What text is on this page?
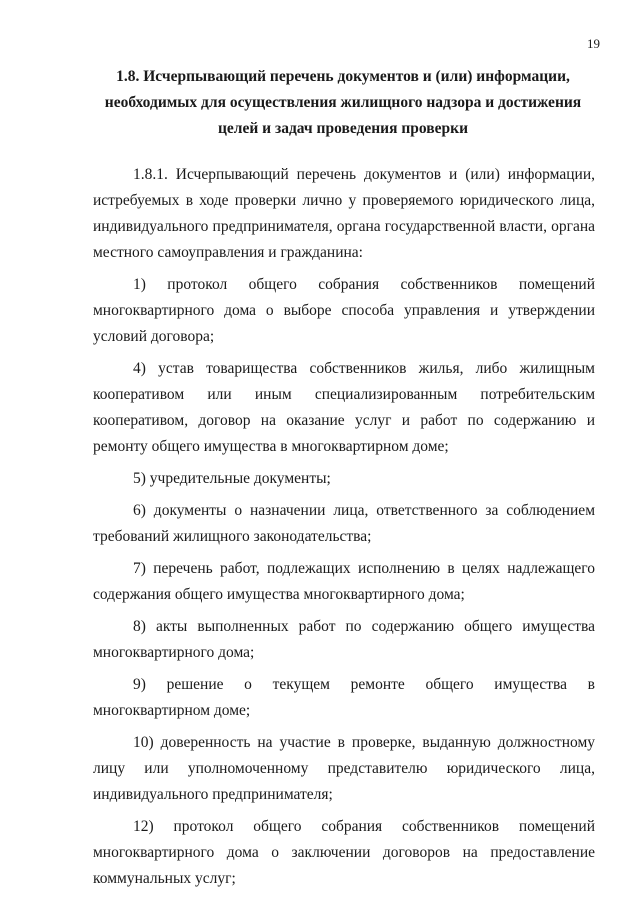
19
1.8. Исчерпывающий перечень документов и (или) информации,
необходимых для осуществления жилищного надзора и достижения
целей и задач проведения проверки

1.8.1. Исчерпывающий перечень документов и (или) информации, истребуемых в ходе проверки лично у проверяемого юридического лица, индивидуального предпринимателя, органа государственной власти, органа местного самоуправления и гражданина:

1) протокол общего собрания собственников помещений многоквартирного дома о выборе способа управления и утверждении условий договора;

4) устав товарищества собственников жилья, либо жилищным кооперативом или иным специализированным потребительским кооперативом, договор на оказание услуг и работ по содержанию и ремонту общего имущества в многоквартирном доме;

5) учредительные документы;

6) документы о назначении лица, ответственного за соблюдением требований жилищного законодательства;

7) перечень работ, подлежащих исполнению в целях надлежащего содержания общего имущества многоквартирного дома;

8) акты выполненных работ по содержанию общего имущества многоквартирного дома;

9) решение о текущем ремонте общего имущества в многоквартирном доме;

10) доверенность на участие в проверке, выданную должностному лицу или уполномоченному представителю юридического лица, индивидуального предпринимателя;

12) протокол общего собрания собственников помещений многоквартирного дома о заключении договоров на предоставление коммунальных услуг;
